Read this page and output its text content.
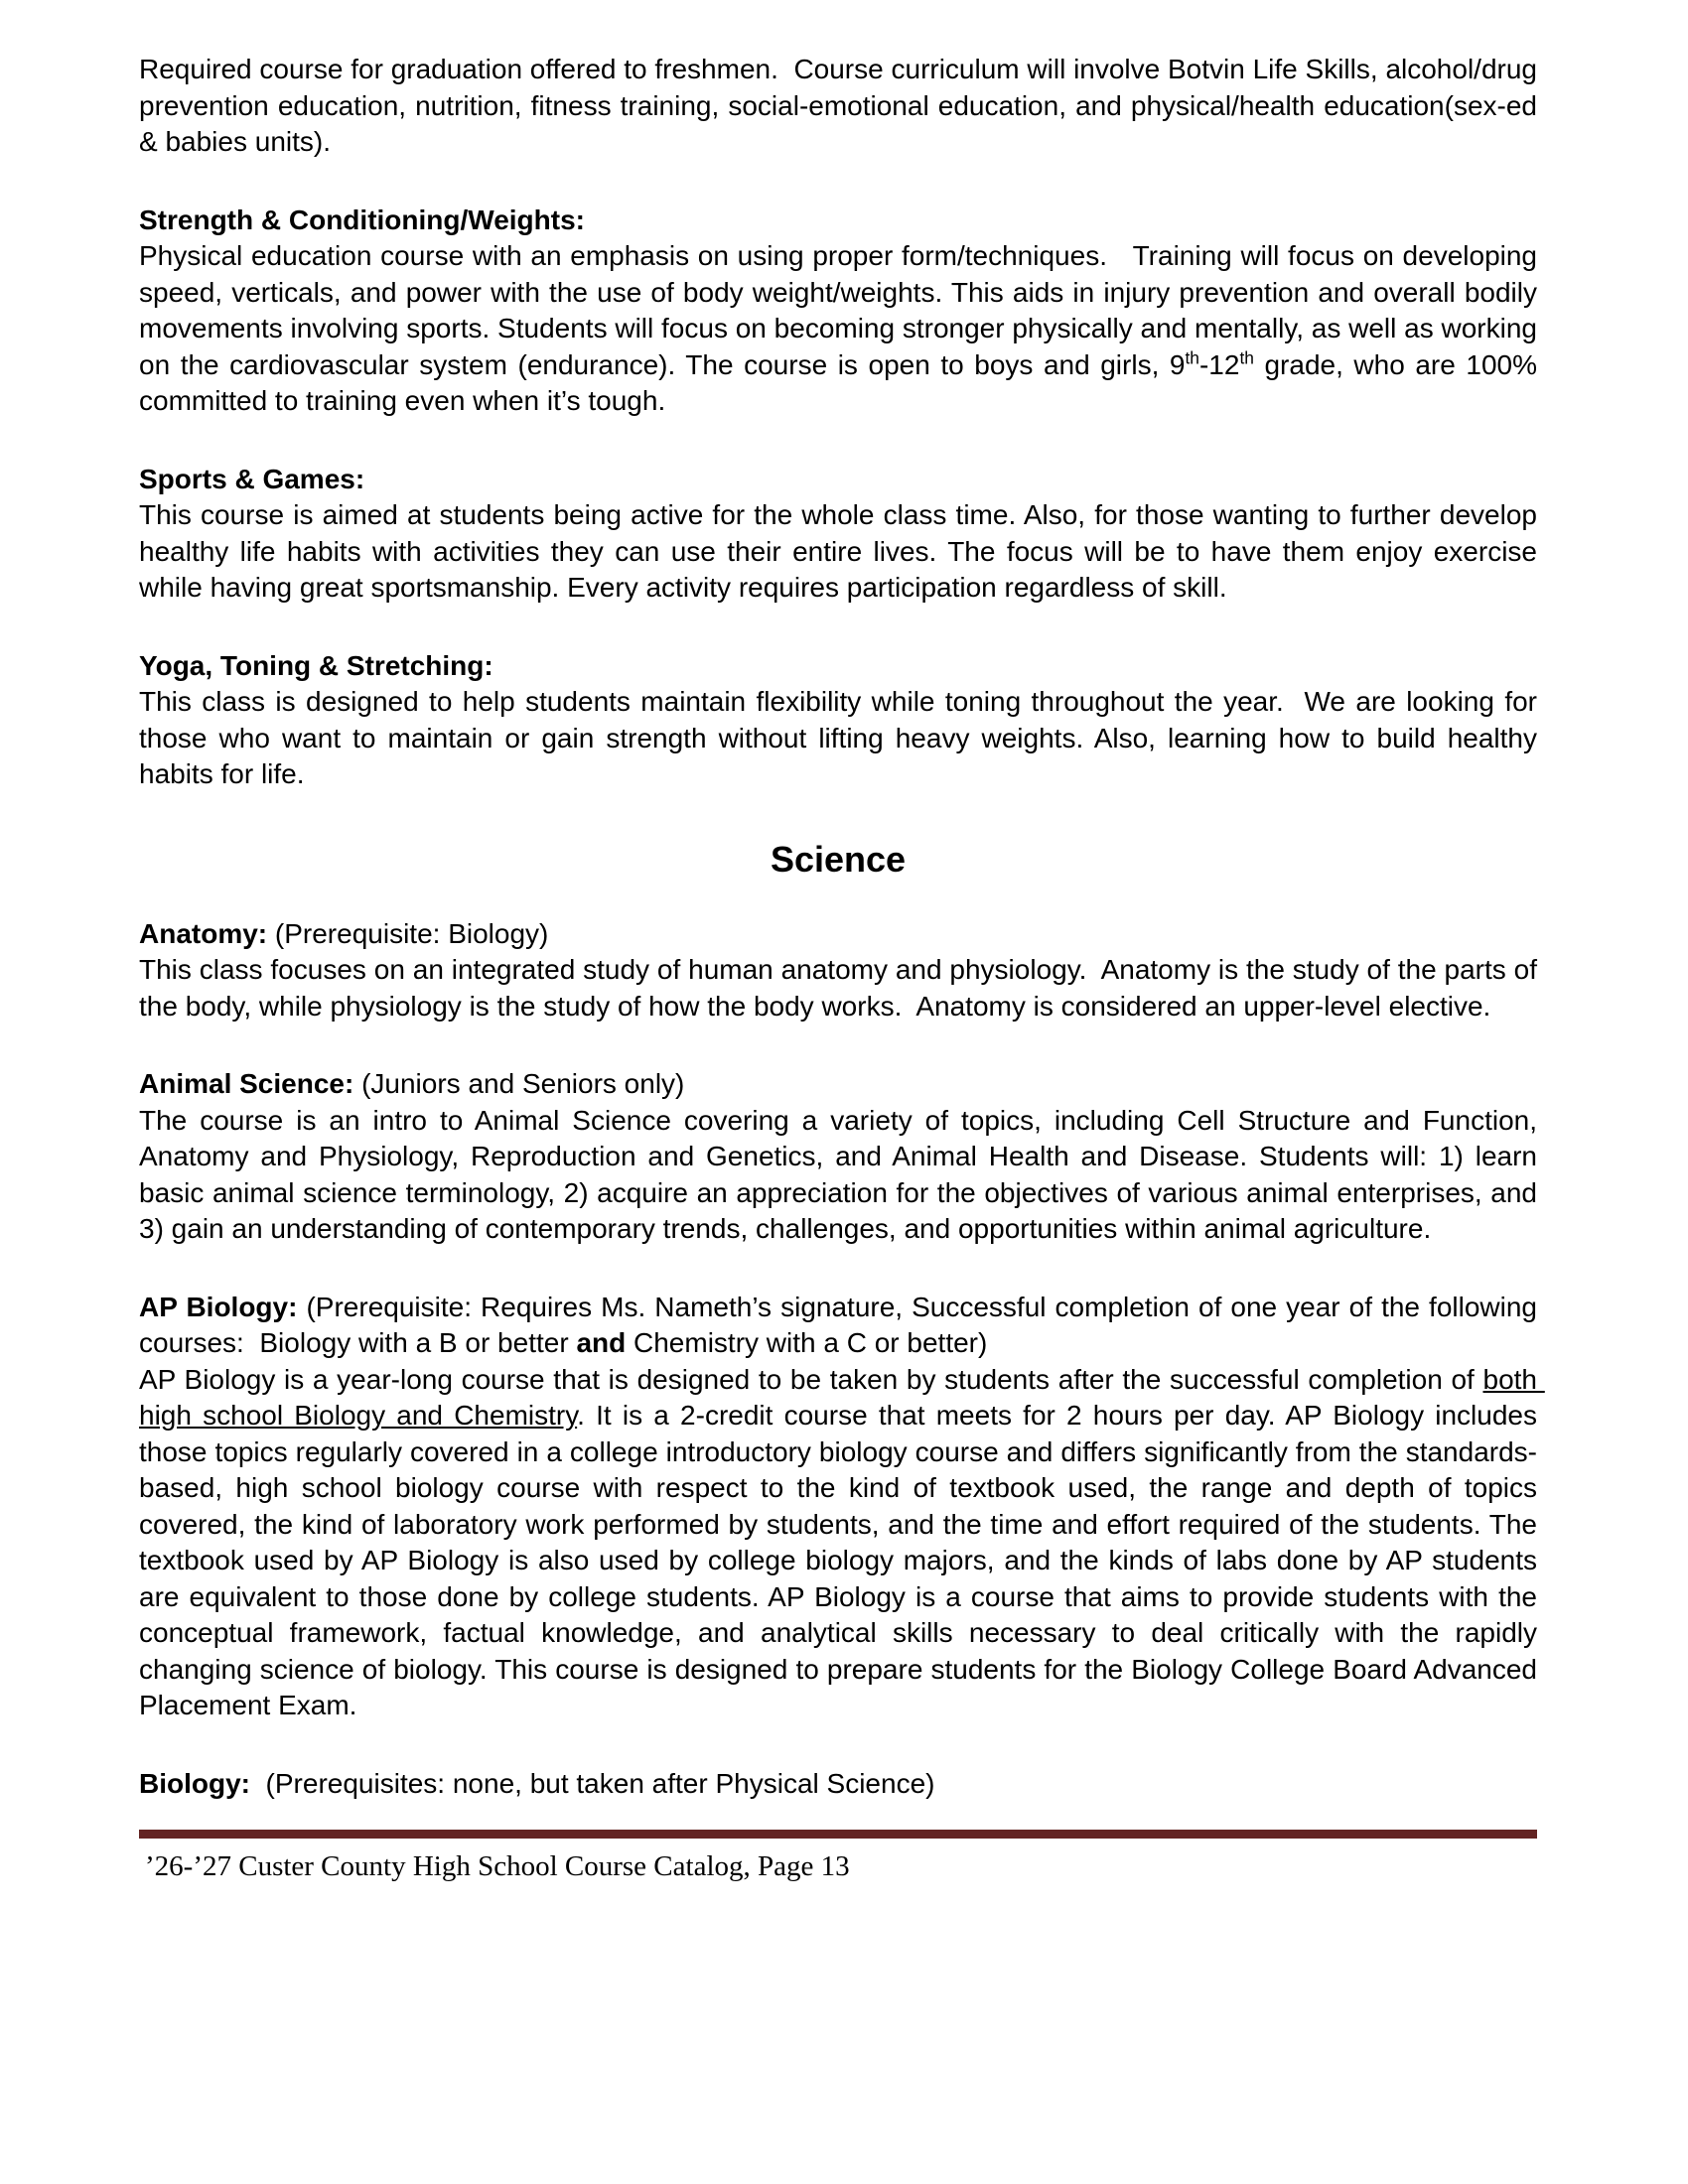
Required course for graduation offered to freshmen.  Course curriculum will involve Botvin Life Skills, alcohol/drug prevention education, nutrition, fitness training, social-emotional education, and physical/health education(sex-ed & babies units).

Strength & Conditioning/Weights:

Physical education course with an emphasis on using proper form/techniques.   Training will focus on developing speed, verticals, and power with the use of body weight/weights. This aids in injury prevention and overall bodily movements involving sports. Students will focus on becoming stronger physically and mentally, as well as working on the cardiovascular system (endurance). The course is open to boys and girls, 9th-12th grade, who are 100% committed to training even when it’s tough.

Sports & Games:

This course is aimed at students being active for the whole class time. Also, for those wanting to further develop healthy life habits with activities they can use their entire lives. The focus will be to have them enjoy exercise while having great sportsmanship. Every activity requires participation regardless of skill.

Yoga, Toning & Stretching:

This class is designed to help students maintain flexibility while toning throughout the year.  We are looking for those who want to maintain or gain strength without lifting heavy weights. Also, learning how to build healthy habits for life.

Science

Anatomy: (Prerequisite: Biology)

This class focuses on an integrated study of human anatomy and physiology.  Anatomy is the study of the parts of the body, while physiology is the study of how the body works.  Anatomy is considered an upper-level elective.

Animal Science: (Juniors and Seniors only)

The course is an intro to Animal Science covering a variety of topics, including Cell Structure and Function, Anatomy and Physiology, Reproduction and Genetics, and Animal Health and Disease. Students will: 1) learn basic animal science terminology, 2) acquire an appreciation for the objectives of various animal enterprises, and 3) gain an understanding of contemporary trends, challenges, and opportunities within animal agriculture.

AP Biology: (Prerequisite: Requires Ms. Nameth’s signature, Successful completion of one year of the following courses:  Biology with a B or better and Chemistry with a C or better)

AP Biology is a year-long course that is designed to be taken by students after the successful completion of both high school Biology and Chemistry. It is a 2-credit course that meets for 2 hours per day. AP Biology includes those topics regularly covered in a college introductory biology course and differs significantly from the standards-based, high school biology course with respect to the kind of textbook used, the range and depth of topics covered, the kind of laboratory work performed by students, and the time and effort required of the students. The textbook used by AP Biology is also used by college biology majors, and the kinds of labs done by AP students are equivalent to those done by college students. AP Biology is a course that aims to provide students with the conceptual framework, factual knowledge, and analytical skills necessary to deal critically with the rapidly changing science of biology. This course is designed to prepare students for the Biology College Board Advanced Placement Exam.

Biology:  (Prerequisites: none, but taken after Physical Science)

’26-’27 Custer County High School Course Catalog, Page 13
